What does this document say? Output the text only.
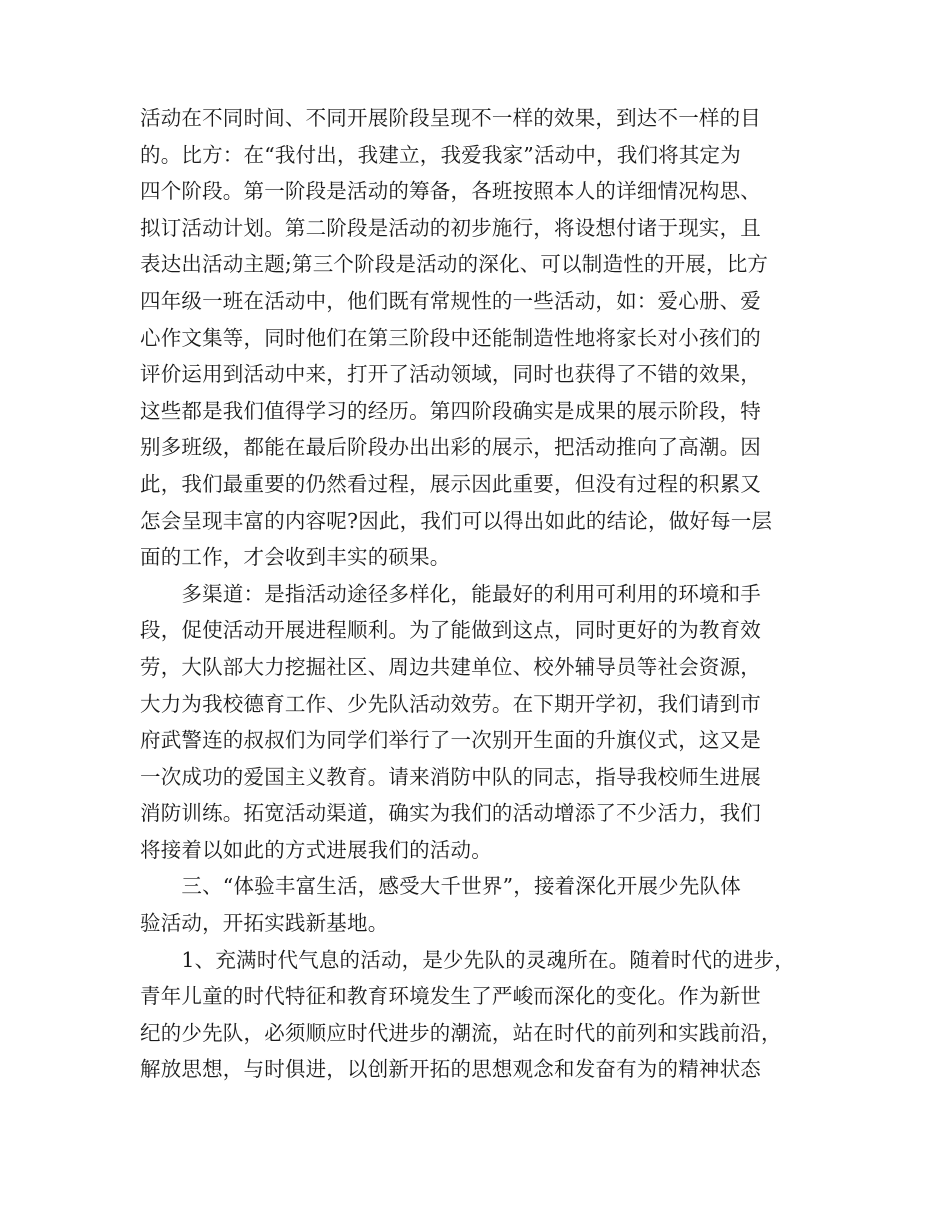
活动在不同时间、不同开展阶段呈现不一样的效果，到达不一样的目
的。比方：在“我付出，我建立，我爱我家”活动中，我们将其定为
四个阶段。第一阶段是活动的筹备，各班按照本人的详细情况构思、
拟订活动计划。第二阶段是活动的初步施行，将设想付诸于现实，且
表达出活动主题;第三个阶段是活动的深化、可以制造性的开展，比方
四年级一班在活动中，他们既有常规性的一些活动，如：爱心册、爱
心作文集等，同时他们在第三阶段中还能制造性地将家长对小孩们的
评价运用到活动中来，打开了活动领域，同时也获得了不错的效果，
这些都是我们值得学习的经历。第四阶段确实是成果的展示阶段，特
别多班级，都能在最后阶段办出出彩的展示，把活动推向了高潮。因
此，我们最重要的仍然看过程，展示因此重要，但没有过程的积累又
怎会呈现丰富的内容呢?因此，我们可以得出如此的结论，做好每一层
面的工作，才会收到丰实的硕果。

　　多渠道：是指活动途径多样化，能最好的利用可利用的环境和手
段，促使活动开展进程顺利。为了能做到这点，同时更好的为教育效
劳，大队部大力挖掘社区、周边共建单位、校外辅导员等社会资源，
大力为我校德育工作、少先队活动效劳。在下期开学初，我们请到市
府武警连的叔叔们为同学们举行了一次别开生面的升旗仪式，这又是
一次成功的爱国主义教育。请来消防中队的同志，指导我校师生进展
消防训练。拓宽活动渠道，确实为我们的活动增添了不少活力，我们
将接着以如此的方式进展我们的活动。

　　三、“体验丰富生活，感受大千世界”，接着深化开展少先队体
验活动，开拓实践新基地。

　　1、充满时代气息的活动，是少先队的灵魂所在。随着时代的进步，
青年儿童的时代特征和教育环境发生了严峻而深化的变化。作为新世
纪的少先队，必须顺应时代进步的潮流，站在时代的前列和实践前沿，
解放思想，与时俱进，以创新开拓的思想观念和发奋有为的精神状态
